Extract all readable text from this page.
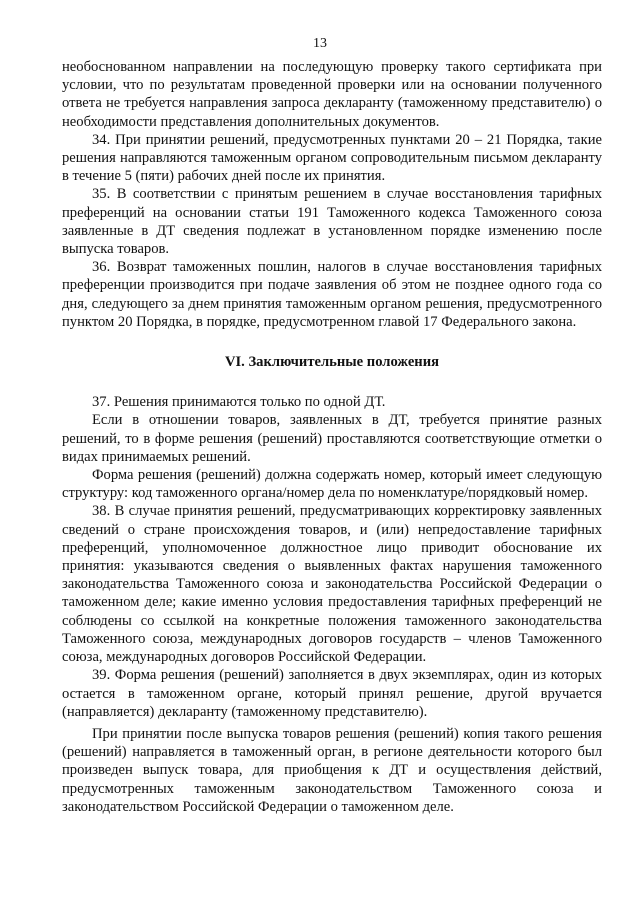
13

необоснованном направлении на последующую проверку такого сертификата при условии, что по результатам проведенной проверки или на основании полученного ответа не требуется направления запроса декларанту (таможенному представителю) о необходимости представления дополнительных документов.

34. При принятии решений, предусмотренных пунктами 20 – 21 Порядка, такие решения направляются таможенным органом сопроводительным письмом декларанту в течение 5 (пяти) рабочих дней после их принятия.

35. В соответствии с принятым решением в случае восстановления тарифных преференций на основании статьи 191 Таможенного кодекса Таможенного союза заявленные в ДТ сведения подлежат в установленном порядке изменению после выпуска товаров.

36. Возврат таможенных пошлин, налогов в случае восстановления тарифных преференции производится при подаче заявления об этом не позднее одного года со дня, следующего за днем принятия таможенным органом решения, предусмотренного пунктом 20 Порядка, в порядке, предусмотренном главой 17 Федерального закона.

VI. Заключительные положения

37. Решения принимаются только по одной ДТ.

Если в отношении товаров, заявленных в ДТ, требуется принятие разных решений, то в форме решения (решений) проставляются соответствующие отметки о видах принимаемых решений.

Форма решения (решений) должна содержать номер, который имеет следующую структуру: код таможенного органа/номер дела по номенклатуре/порядковый номер.

38. В случае принятия решений, предусматривающих корректировку заявленных сведений о стране происхождения товаров, и (или) непредоставление тарифных преференций, уполномоченное должностное лицо приводит обоснование их принятия: указываются сведения о выявленных фактах нарушения таможенного законодательства Таможенного союза и законодательства Российской Федерации о таможенном деле; какие именно условия предоставления тарифных преференций не соблюдены со ссылкой на конкретные положения таможенного законодательства Таможенного союза, международных договоров государств – членов Таможенного союза, международных договоров Российской Федерации.

39. Форма решения (решений) заполняется в двух экземплярах, один из которых остается в таможенном органе, который принял решение, другой вручается (направляется) декларанту (таможенному представителю).

При принятии после выпуска товаров решения (решений) копия такого решения (решений) направляется в таможенный орган, в регионе деятельности которого был произведен выпуск товара, для приобщения к ДТ и осуществления действий, предусмотренных таможенным законодательством Таможенного союза и законодательством Российской Федерации о таможенном деле.
